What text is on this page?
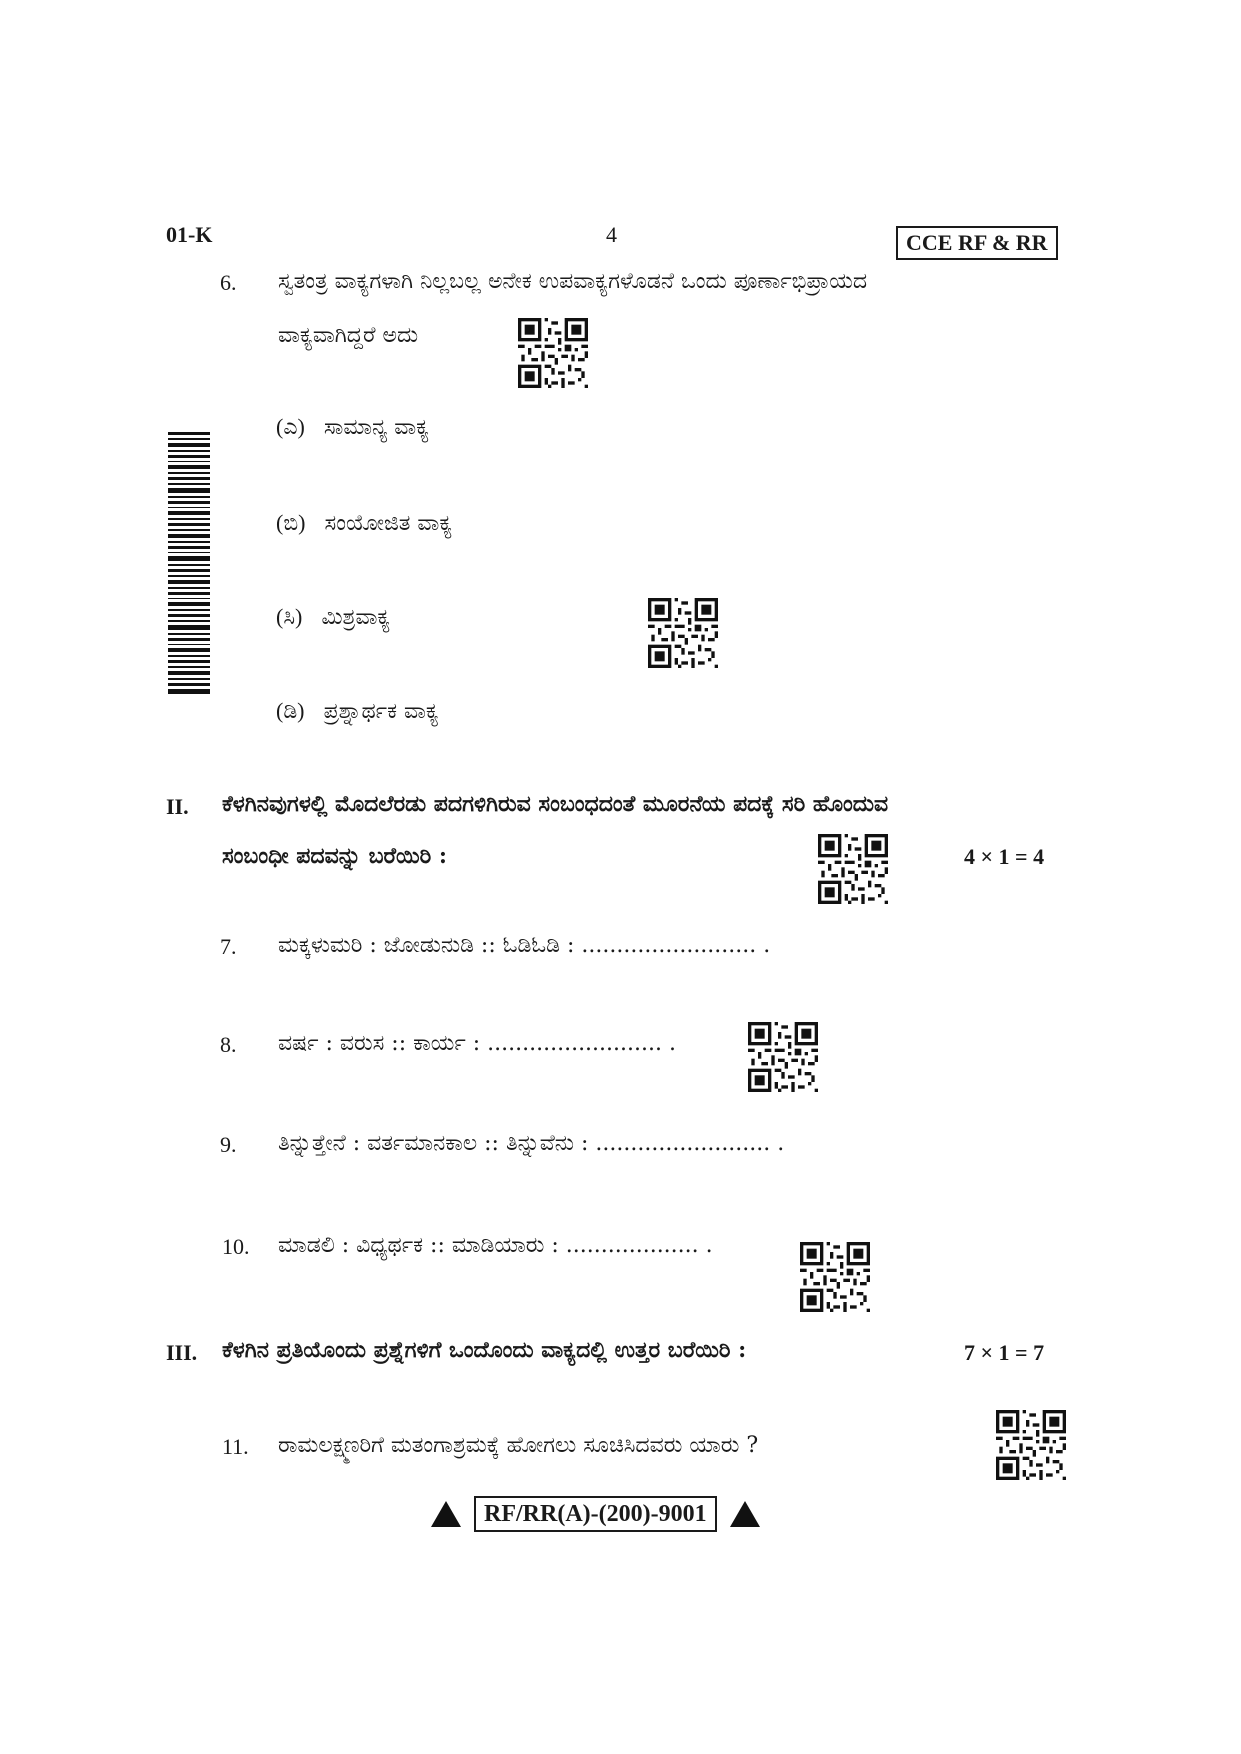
01-K	4	CCE RF & RR
6. ಸ್ವತಂತ್ರ ವಾಕ್ಯಗಳಾಗಿ ನಿಲ್ಲಬಲ್ಲ ಅನೇಕ ಉಪವಾಕ್ಯಗಳೊಡನೆ ಒಂದು ಪೂರ್ಣಾಭಿಪ್ರಾಯದ
ವಾಕ್ಯವಾಗಿದ್ದರೆ ಅದು
(ಎ) ಸಾಮಾನ್ಯ ವಾಕ್ಯ
(ಬಿ) ಸಂಯೋಜಿತ ವಾಕ್ಯ
(ಸಿ) ಮಿಶ್ರವಾಕ್ಯ
(ಡಿ) ಪ್ರಶ್ನಾರ್ಥಕ ವಾಕ್ಯ
II. ಕೆಳಗಿನವುಗಳಲ್ಲಿ ಮೊದಲೆರಡು ಪದಗಳಿಗಿರುವ ಸಂಬಂಧದಂತೆ ಮೂರನೆಯ ಪದಕ್ಕೆ ಸರಿ ಹೊಂದುವ
ಸಂಬಂಧೀ ಪದವನ್ನು ಬರೆಯಿರಿ :	4 × 1 = 4
7. ಮಕ್ಕಳುಮರಿ : ಜೋಡುನುಡಿ :: ಓಡಿಓಡಿ : ......................... .
8. ವರ್ಷ : ವರುಸ :: ಕಾರ್ಯ : ......................... .
9. ತಿನ್ನುತ್ತೇನೆ : ವರ್ತಮಾನಕಾಲ :: ತಿನ್ನುವೆನು : ......................... .
10. ಮಾಡಲಿ : ವಿಧ್ಯರ್ಥಕ :: ಮಾಡಿಯಾರು : ................... .
III. ಕೆಳಗಿನ ಪ್ರತಿಯೊಂದು ಪ್ರಶ್ನೆಗಳಿಗೆ ಒಂದೊಂದು ವಾಕ್ಯದಲ್ಲಿ ಉತ್ತರ ಬರೆಯಿರಿ :	7 × 1 = 7
11. ರಾಮಲಕ್ಷ್ಮಣರಿಗೆ ಮತಂಗಾಶ್ರಮಕ್ಕೆ ಹೋಗಲು ಸೂಚಿಸಿದವರು ಯಾರು ?
RF/RR(A)-(200)-9001
